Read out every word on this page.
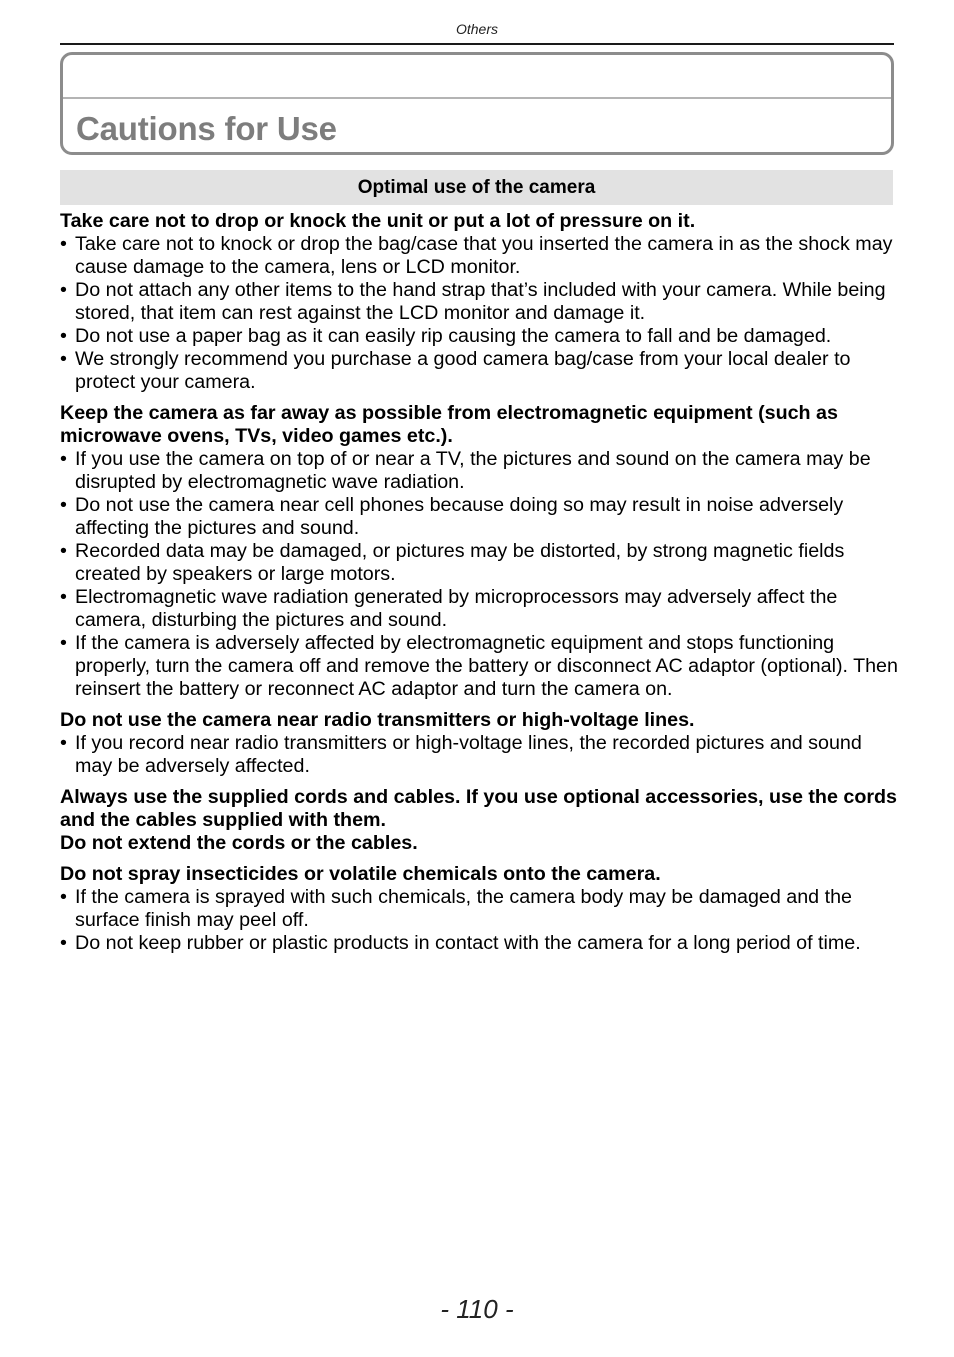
Others
Cautions for Use
Optimal use of the camera

Take care not to drop or knock the unit or put a lot of pressure on it.

• Take care not to knock or drop the bag/case that you inserted the camera in as the shock may cause damage to the camera, lens or LCD monitor.
• Do not attach any other items to the hand strap that’s included with your camera. While being stored, that item can rest against the LCD monitor and damage it.
• Do not use a paper bag as it can easily rip causing the camera to fall and be damaged.
• We strongly recommend you purchase a good camera bag/case from your local dealer to protect your camera.

Keep the camera as far away as possible from electromagnetic equipment (such as microwave ovens, TVs, video games etc.).

• If you use the camera on top of or near a TV, the pictures and sound on the camera may be disrupted by electromagnetic wave radiation.
• Do not use the camera near cell phones because doing so may result in noise adversely affecting the pictures and sound.
• Recorded data may be damaged, or pictures may be distorted, by strong magnetic fields created by speakers or large motors.
• Electromagnetic wave radiation generated by microprocessors may adversely affect the camera, disturbing the pictures and sound.
• If the camera is adversely affected by electromagnetic equipment and stops functioning properly, turn the camera off and remove the battery or disconnect AC adaptor (optional). Then reinsert the battery or reconnect AC adaptor and turn the camera on.

Do not use the camera near radio transmitters or high-voltage lines.

• If you record near radio transmitters or high-voltage lines, the recorded pictures and sound may be adversely affected.

Always use the supplied cords and cables. If you use optional accessories, use the cords and the cables supplied with them.

Do not extend the cords or the cables.

Do not spray insecticides or volatile chemicals onto the camera.

• If the camera is sprayed with such chemicals, the camera body may be damaged and the surface finish may peel off.
• Do not keep rubber or plastic products in contact with the camera for a long period of time.
- 110 -
